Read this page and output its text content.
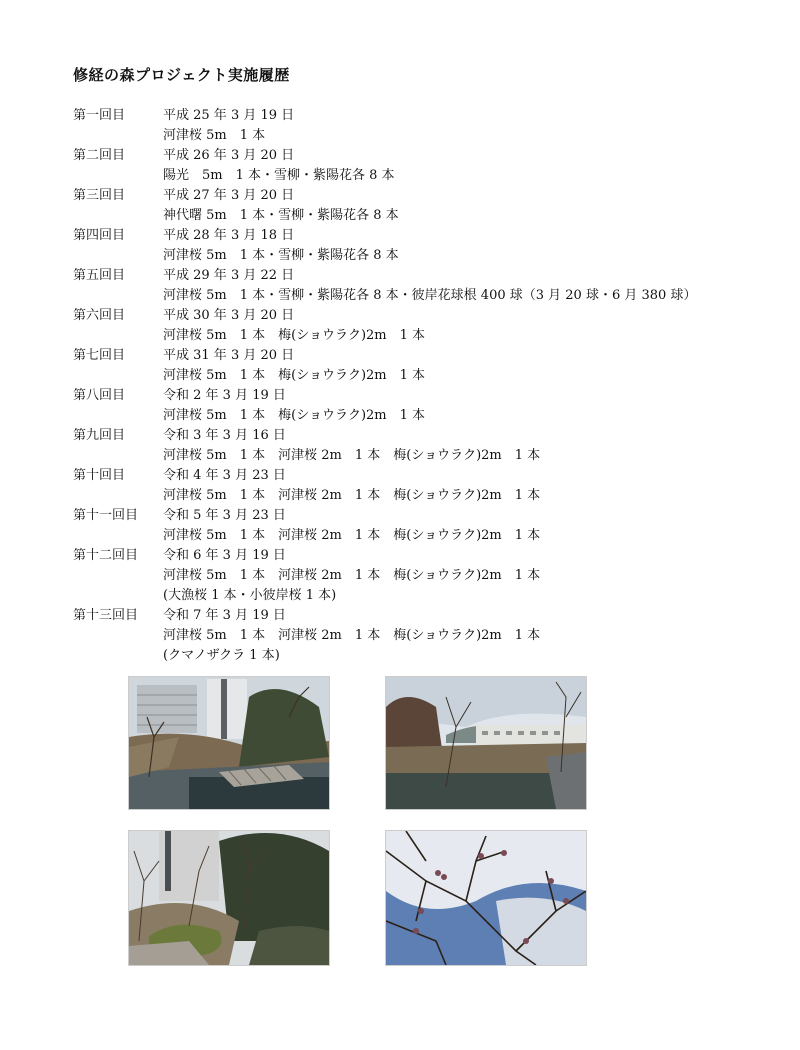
修経の森プロジェクト実施履歴
第一回目	平成 25 年 3 月 19 日
河津桜 5m　1 本
第二回目	平成 26 年 3 月 20 日
陽光　5m　1 本・雪柳・紫陽花各 8 本
第三回目	平成 27 年 3 月 20 日
神代曙 5m　1 本・雪柳・紫陽花各 8 本
第四回目	平成 28 年 3 月 18 日
河津桜 5m　1 本・雪柳・紫陽花各 8 本
第五回目	平成 29 年 3 月 22 日
河津桜 5m　1 本・雪柳・紫陽花各 8 本・彼岸花球根 400 球（3 月 20 球・6 月 380 球）
第六回目	平成 30 年 3 月 20 日
河津桜 5m　1 本　梅(ショウラク)2m　1 本
第七回目	平成 31 年 3 月 20 日
河津桜 5m　1 本　梅(ショウラク)2m　1 本
第八回目	令和 2 年 3 月 19 日
河津桜 5m　1 本　梅(ショウラク)2m　1 本
第九回目	令和 3 年 3 月 16 日
河津桜 5m　1 本　河津桜 2m　1 本　梅(ショウラク)2m　1 本
第十回目	令和 4 年 3 月 23 日
河津桜 5m　1 本　河津桜 2m　1 本　梅(ショウラク)2m　1 本
第十一回目 令和 5 年 3 月 23 日
河津桜 5m　1 本　河津桜 2m　1 本　梅(ショウラク)2m　1 本
第十二回目 令和 6 年 3 月 19 日
河津桜 5m　1 本　河津桜 2m　1 本　梅(ショウラク)2m　1 本
(大漁桜 1 本・小彼岸桜 1 本)
第十三回目 令和 7 年 3 月 19 日
河津桜 5m　1 本　河津桜 2m　1 本　梅(ショウラク)2m　1 本
(クマノザクラ 1 本)
